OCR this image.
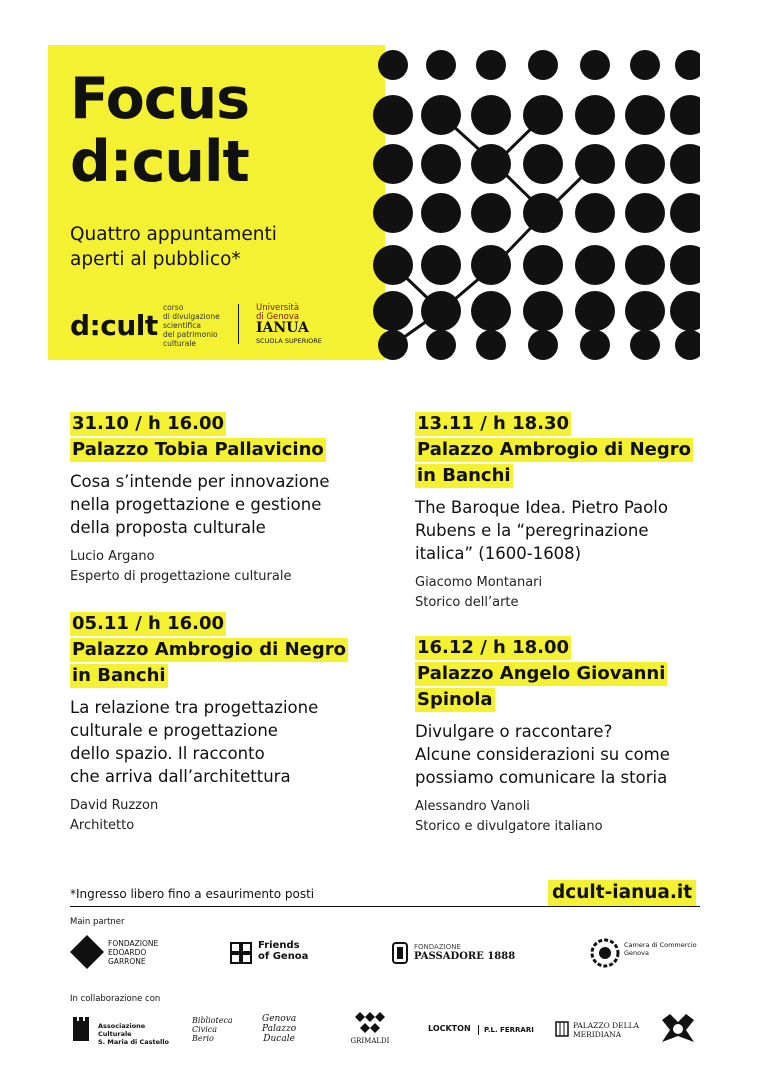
Focus
d:cult
Quattro appuntamenti
aperti al pubblico*
d:cult
corso
di divulgazione
scientifica
del patrimonio
culturale
Università
di Genova
IANUA
SCUOLA SUPERIORE
31.10 / h 16.00 Palazzo Tobia Pallavicino
Cosa s’intende per innovazione
nella progettazione e gestione
della proposta culturale
Lucio Argano
Esperto di progettazione culturale
05.11 / h 16.00
Palazzo Ambrogio di Negro
in Banchi
La relazione tra progettazione
culturale e progettazione
dello spazio. Il racconto
che arriva dall’architettura
David Ruzzon
Architetto
13.11 / h 18.30
Palazzo Ambrogio di Negro
in Banchi
The Baroque Idea. Pietro Paolo
Rubens e la “peregrinazione
italica” (1600-1608)
Giacomo Montanari
Storico dell’arte
16.12 / h 18.00
Palazzo Angelo Giovanni
Spinola
Divulgare o raccontare?
Alcune considerazioni su come
possiamo comunicare la storia
Alessandro Vanoli
Storico e divulgatore italiano
*Ingresso libero fino a esaurimento posti	dcult-ianua.it
Main partner
FONDAZIONE
EDOARDO
GARRONE
Friends
of Genoa
FONDAZIONE
PASSADORE 1888
Camera di Commercio
Genova
In collaborazione con
Associazione Culturale
S. Maria di Castello
Biblioteca
Civica
Berio
Genova
Palazzo
Ducale	GRIMALDI
LOCKTON	P.L. FERRARI	PALAZZO DELLA
MERIDIANA
